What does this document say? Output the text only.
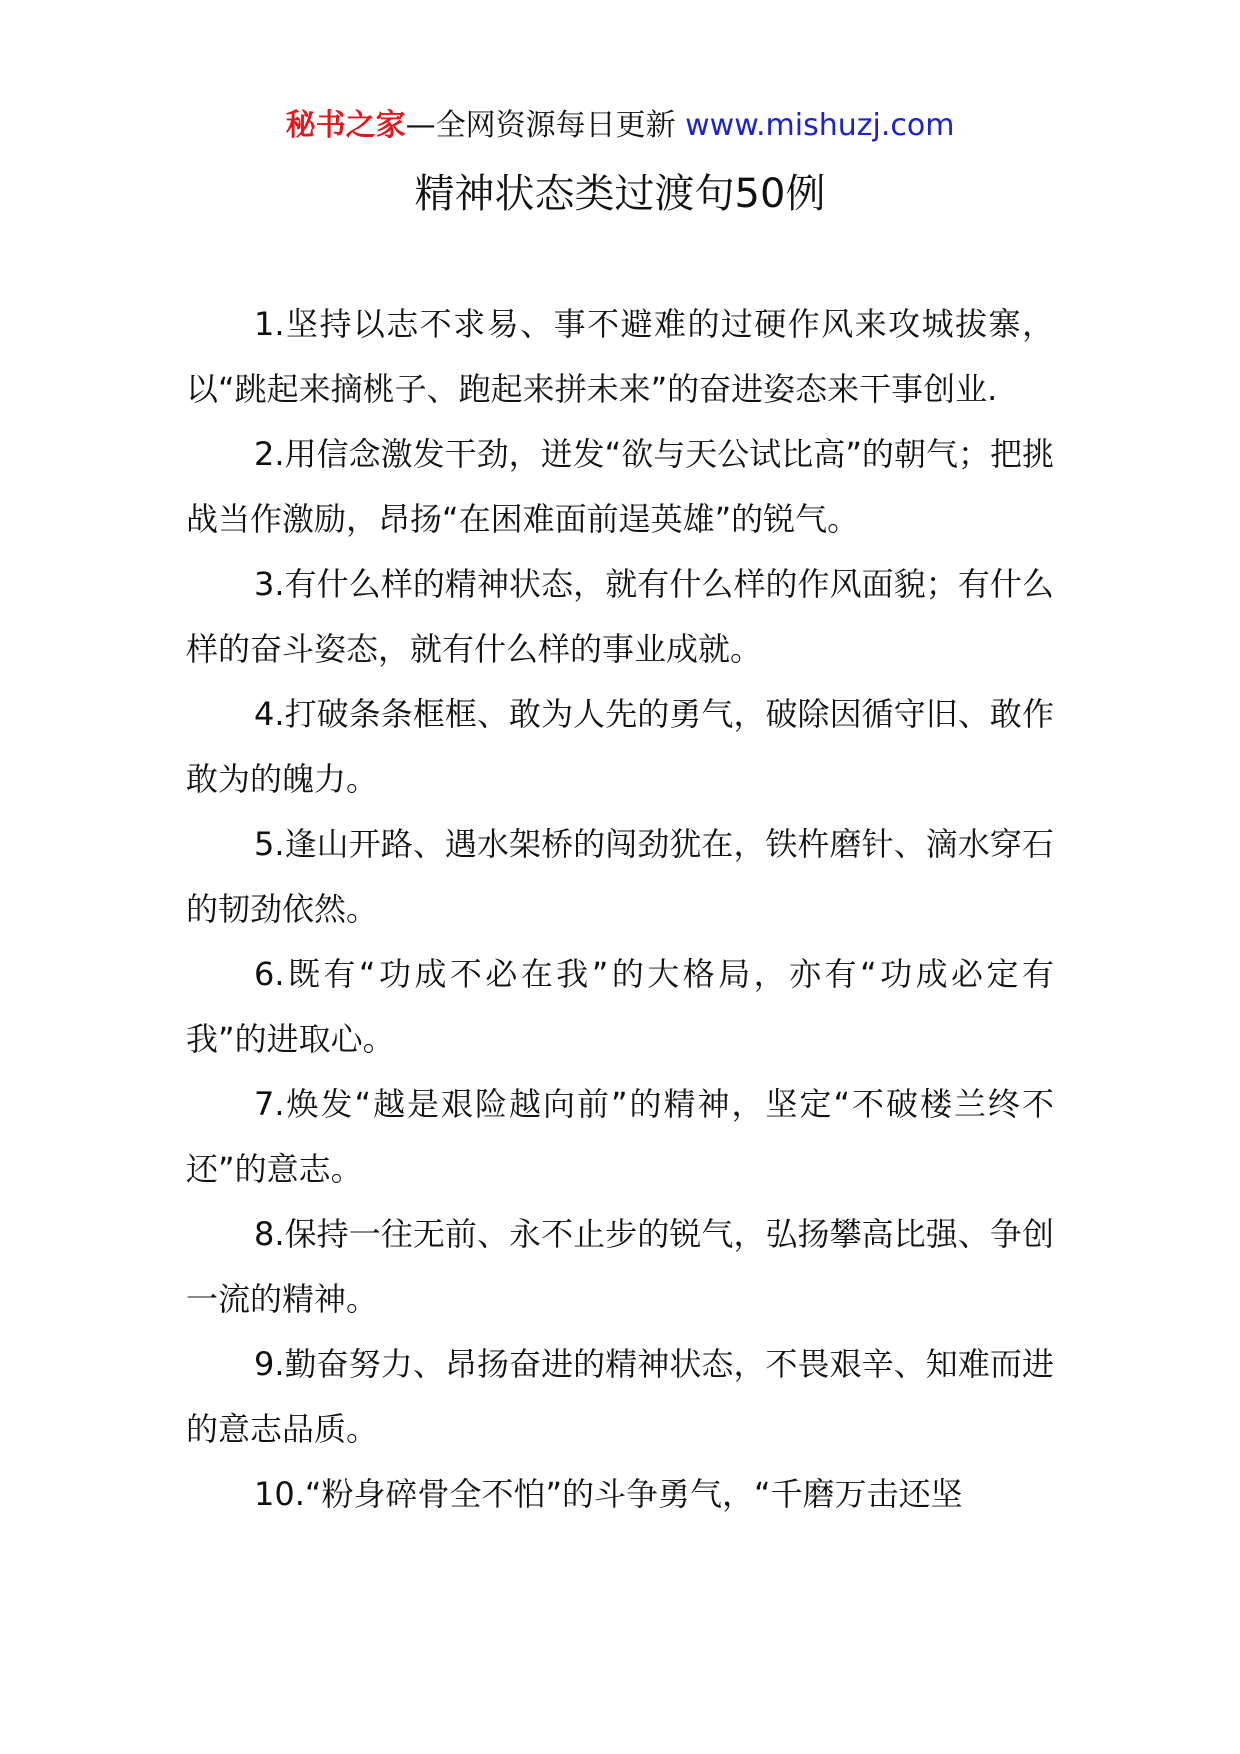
秘书之家—全网资源每日更新 www.mishuzj.com
精神状态类过渡句50例

1.坚持以志不求易、事不避难的过硬作风来攻城拔寨，以“跳起来摘桃子、跑起来拼未来”的奋进姿态来干事创业.

2.用信念激发干劲，迸发“欲与天公试比高”的朝气；把挑战当作激励，昂扬“在困难面前逞英雄”的锐气。

3.有什么样的精神状态，就有什么样的作风面貌；有什么样的奋斗姿态，就有什么样的事业成就。

4.打破条条框框、敢为人先的勇气，破除因循守旧、敢作敢为的魄力。

5.逢山开路、遇水架桥的闯劲犹在，铁杵磨针、滴水穿石的韧劲依然。

6.既有“功成不必在我”的大格局，亦有“功成必定有我”的进取心。

7.焕发“越是艰险越向前”的精神，坚定“不破楼兰终不还”的意志。

8.保持一往无前、永不止步的锐气，弘扬攀高比强、争创一流的精神。

9.勤奋努力、昂扬奋进的精神状态，不畏艰辛、知难而进的意志品质。

10.“粉身碎骨全不怕”的斗争勇气，“千磨万击还坚
